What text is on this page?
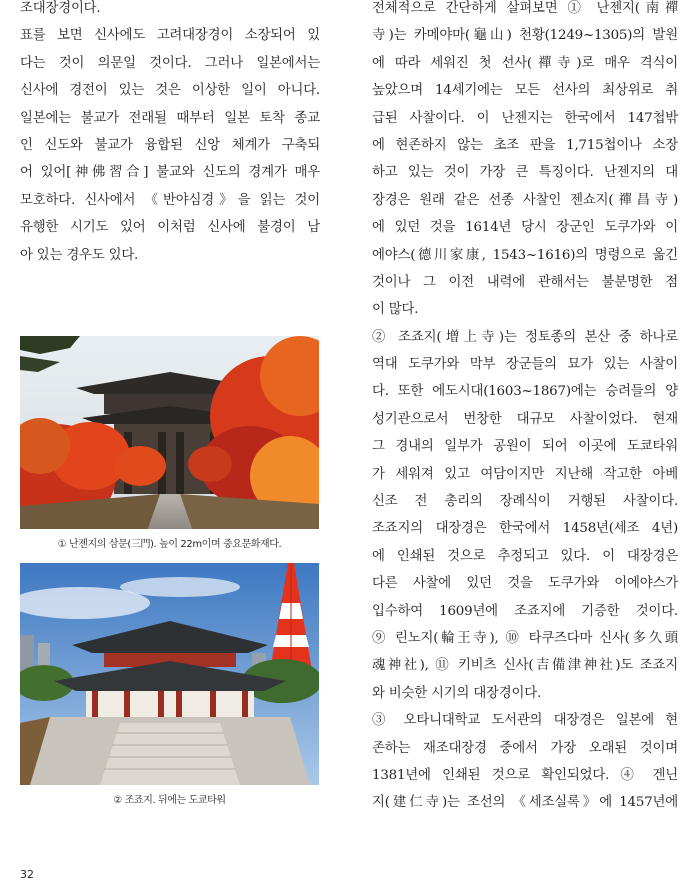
조대장경이다.
표를 보면 신사에도 고려대장경이 소장되어 있
다는 것이 의문일 것이다. 그러나 일본에서는
신사에 경전이 있는 것은 이상한 일이 아니다.
일본에는 불교가 전래될 때부터 일본 토착 종교
인 신도와 불교가 융합된 신앙 체계가 구축되
어 있어[神佛習合] 불교와 신도의 경계가 매우
모호하다. 신사에서 《반야심경》을 읽는 것이
유행한 시기도 있어 이처럼 신사에 불경이 남
아 있는 경우도 있다.
① 난젠지의 삼문(三門). 높이 22m이며 중요문화재다.
② 조죠지. 뒤에는 도쿄타워
전체적으로 간단하게 살펴보면 ① 난젠지(南禪
寺)는 카메야마(龜山) 천황(1249~1305)의 발원
에 따라 세워진 첫 선사(禪寺)로 매우 격식이
높았으며 14세기에는 모든 선사의 최상위로 취
급된 사찰이다. 이 난젠지는 한국에서 147첩밖
에 현존하지 않는 초조 판을 1,715첩이나 소장
하고 있는 것이 가장 큰 특징이다. 난젠지의 대
장경은 원래 같은 선종 사찰인 젠쇼지(禪昌寺)
에 있던 것을 1614년 당시 장군인 도쿠가와 이
에야스(德川家康, 1543~1616)의 명령으로 옮긴
것이나 그 이전 내력에 관해서는 불분명한 점
이 많다.
② 조죠지(增上寺)는 정토종의 본산 중 하나로
역대 도쿠가와 막부 장군들의 묘가 있는 사찰이
다. 또한 에도시대(1603~1867)에는 승려들의 양
성기관으로서 번창한 대규모 사찰이었다. 현재
그 경내의 일부가 공원이 되어 이곳에 도쿄타워
가 세워져 있고 여담이지만 지난해 작고한 아베
신조 전 총리의 장례식이 거행된 사찰이다.
조죠지의 대장경은 한국에서 1458년(세조 4년)
에 인쇄된 것으로 추정되고 있다. 이 대장경은
다른 사찰에 있던 것을 도쿠가와 이에야스가
입수하여 1609년에 조죠지에 기증한 것이다.
⑨ 린노지(輪王寺), ⑩ 타쿠즈다마 신사(多久頭
魂神社), ⑪ 키비츠 신사(吉備津神社)도 조죠지
와 비슷한 시기의 대장경이다.
③ 오타니대학교 도서관의 대장경은 일본에 현
존하는 재조대장경 중에서 가장 오래된 것이며
1381년에 인쇄된 것으로 확인되었다. ④ 겐닌
지(建仁寺)는 조선의 《세조실록》에 1457년에
32
